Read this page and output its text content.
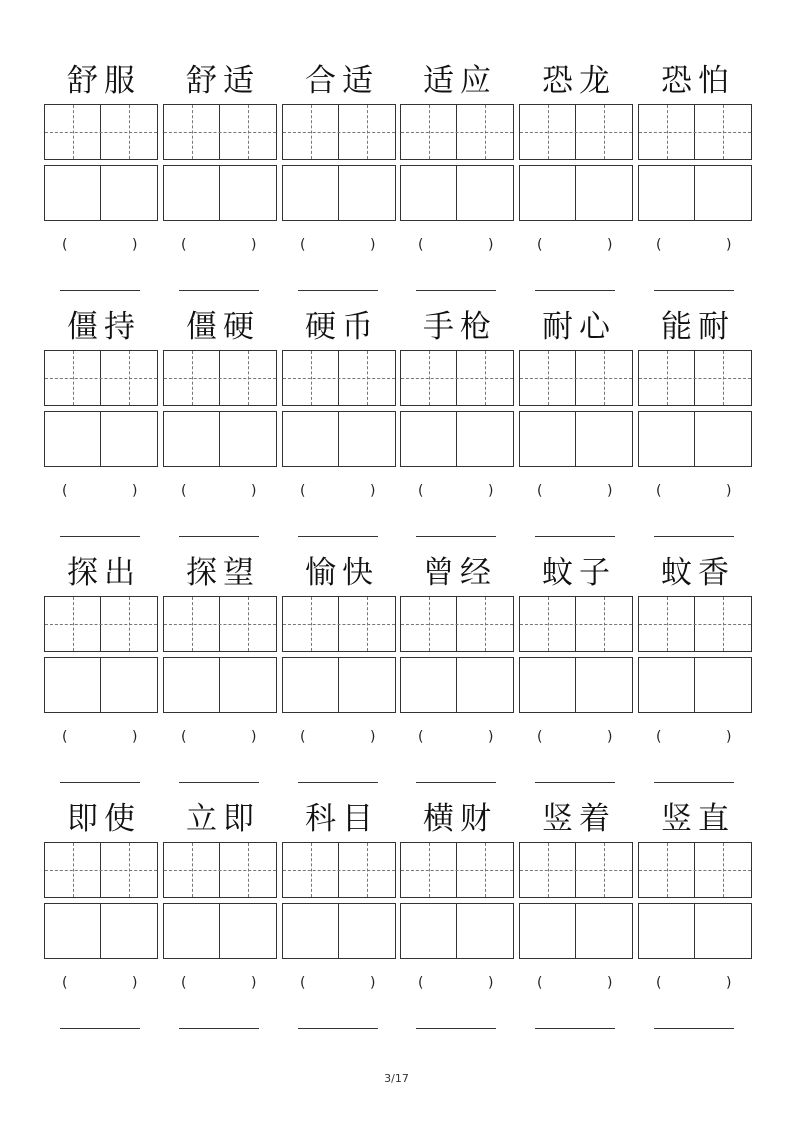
舒服
(	)
舒适
(	)
合适
(	)
适应
(	)
恐龙
(	)
恐怕
(	)
僵持
(	)
僵硬
(	)
硬币
(	)
手枪
(	)
耐心
(	)
能耐
(	)
探出
(	)
探望
(	)
愉快
(	)
曾经
(	)
蚊子
(	)
蚊香
(	)
即使
(	)
立即
(	)
科目
(	)
横财
(	)
竖着
(	)
竖直
(	)
3/17
